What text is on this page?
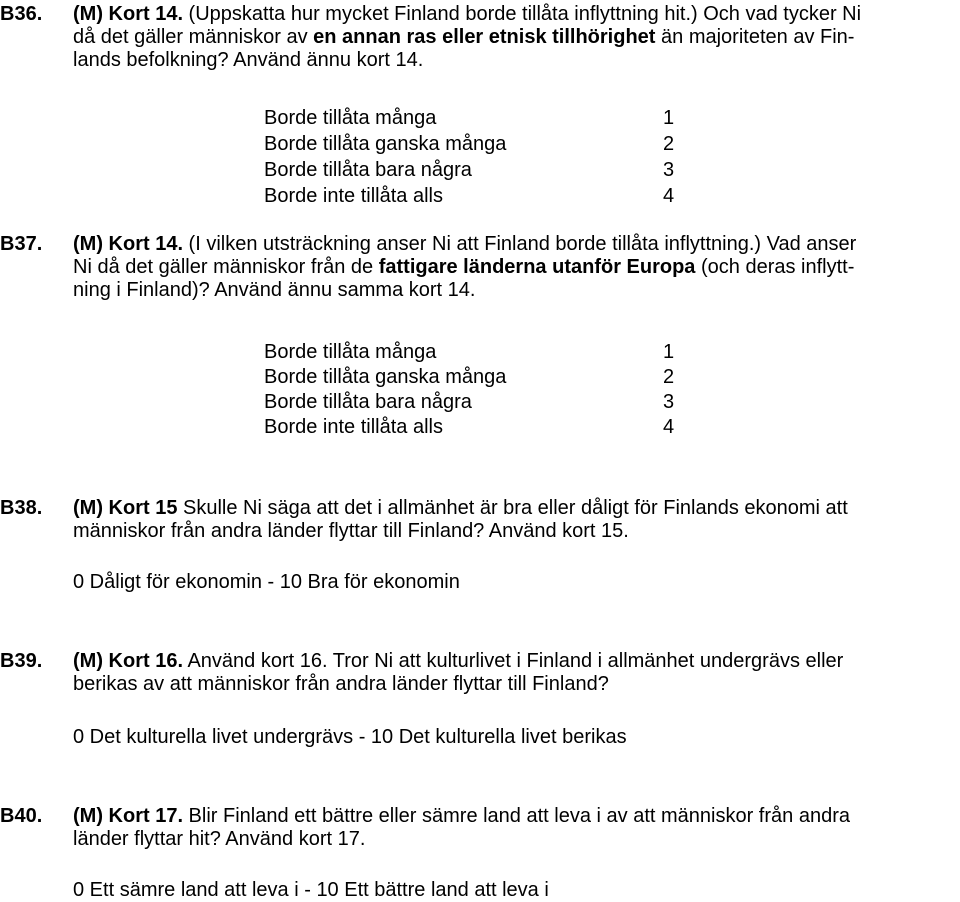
B36. (M) Kort 14. (Uppskatta hur mycket Finland borde tillåta inflyttning hit.) Och vad tycker Ni
då det gäller människor av en annan ras eller etnisk tillhörighet än majoriteten av Fin-
lands befolkning? Använd ännu kort 14.
Borde tillåta många	1
Borde tillåta ganska många	2
Borde tillåta bara några	3
Borde inte tillåta alls	4
B37. (M) Kort 14. (I vilken utsträckning anser Ni att Finland borde tillåta inflyttning.) Vad anser
Ni då det gäller människor från de fattigare länderna utanför Europa (och deras inflytt-
ning i Finland)? Använd ännu samma kort 14.
Borde tillåta många	1
Borde tillåta ganska många	2
Borde tillåta bara några	3
Borde inte tillåta alls	4
B38. (M) Kort 15 Skulle Ni säga att det i allmänhet är bra eller dåligt för Finlands ekonomi att
människor från andra länder flyttar till Finland? Använd kort 15.
0 Dåligt för ekonomin - 10 Bra för ekonomin
B39. (M) Kort 16. Använd kort 16. Tror Ni att kulturlivet i Finland i allmänhet undergrävs eller
berikas av att människor från andra länder flyttar till Finland?
0 Det kulturella livet undergrävs - 10 Det kulturella livet berikas
B40. (M) Kort 17. Blir Finland ett bättre eller sämre land att leva i av att människor från andra
länder flyttar hit? Använd kort 17.
0 Ett sämre land att leva i - 10 Ett bättre land att leva i
